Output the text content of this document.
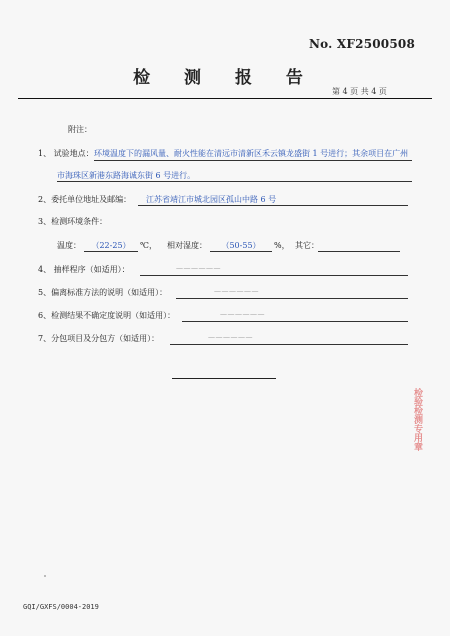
No. XF2500508
检 测 报 告
第 4 页 共 4 页
附注：
1、 试验地点： 环境温度下的漏风量、耐火性能在清远市清新区禾云镇龙盛街 1 号进行；其余项目在广州
市海珠区新港东路海诚东街 6 号进行。
2、委托单位地址及邮编： 江苏省靖江市城北园区孤山中路 6 号
3、检测环境条件：
温度：	（22-25）	℃， 相对湿度：	（50-55）	%， 其它：
4、 抽样程序（如适用）：	——————
5、偏离标准方法的说明（如适用）：	——————
6、检测结果不确定度说明（如适用）：	——————
7、分包项目及分包方（如适用）：	——————
检验检测专用章
GQI/GXFS/0004-2019
